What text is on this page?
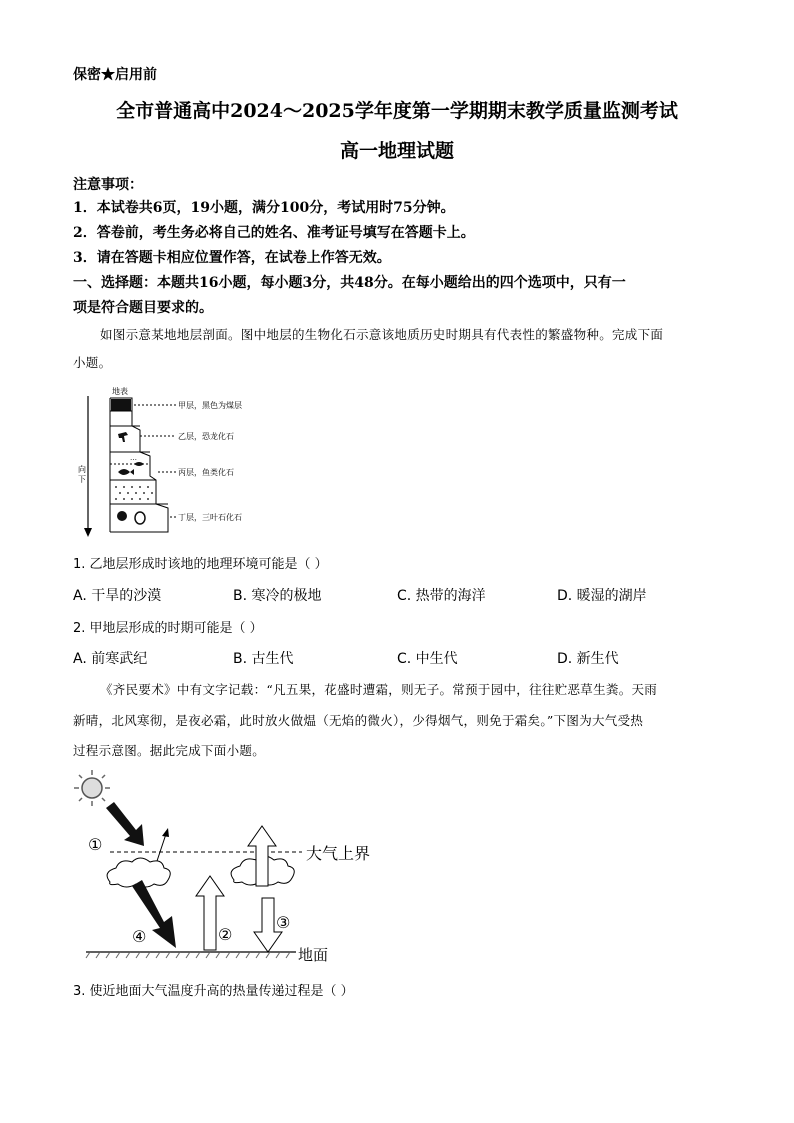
保密★启用前
全市普通高中2024～2025学年度第一学期期末教学质量监测考试
高一地理试题
注意事项：
1．本试卷共6页，19小题，满分100分，考试用时75分钟。
2．答卷前，考生务必将自己的姓名、准考证号填写在答题卡上。
3．请在答题卡相应位置作答，在试卷上作答无效。
一、选择题：本题共16小题，每小题3分，共48分。在每小题给出的四个选项中，只有一
项是符合题目要求的。
如图示意某地地层剖面。图中地层的生物化石示意该地质历史时期具有代表性的繁盛物种。完成下面
小题。
地表
向
下
…
甲层，黑色为煤层
乙层，恐龙化石
丙层，鱼类化石
丁层，三叶石化石
1. 乙地层形成时该地的地理环境可能是（ ）
A. 干旱的沙漠	B. 寒冷的极地	C. 热带的海洋	D. 暖湿的湖岸
2. 甲地层形成的时期可能是（ ）
A. 前寒武纪	B. 古生代	C. 中生代	D. 新生代
《齐民要术》中有文字记载：“凡五果，花盛时遭霜，则无子。常预于园中，往往贮恶草生粪。天雨
新晴，北风寒彻，是夜必霜，此时放火做煴（无焰的微火），少得烟气，则免于霜矣。”下图为大气受热
过程示意图。据此完成下面小题。
大气上界
地面
①
②
③
④
3. 使近地面大气温度升高的热量传递过程是（ ）
